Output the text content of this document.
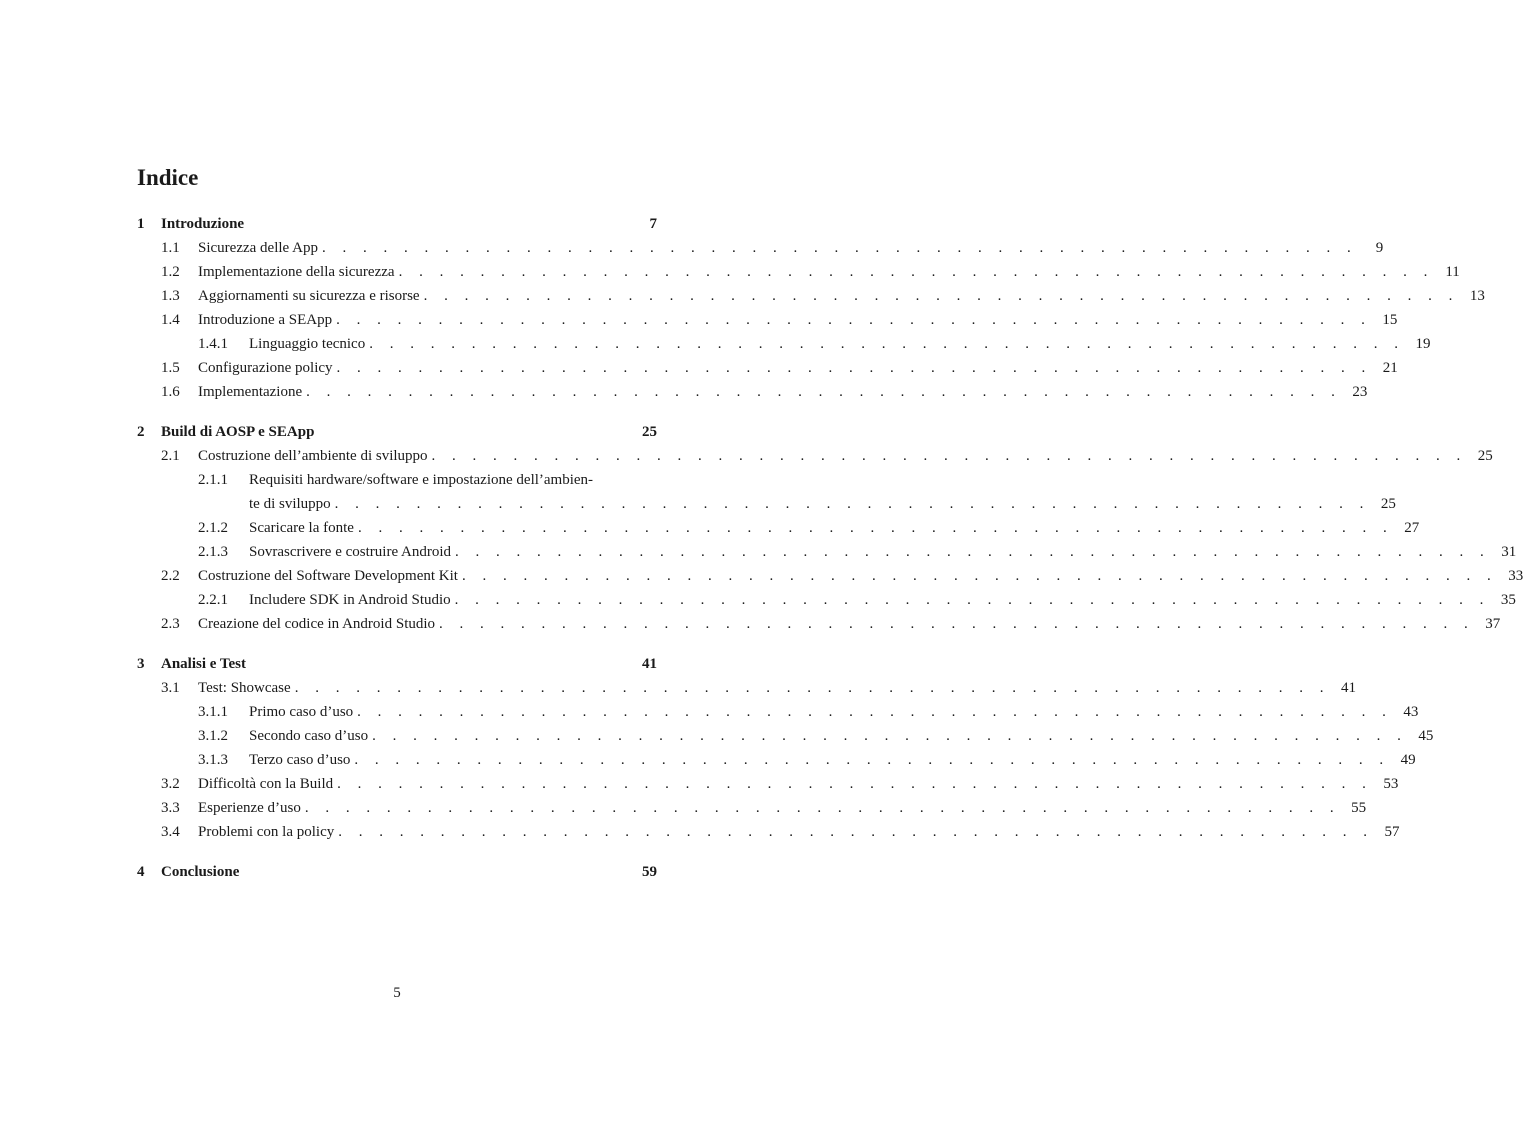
Indice
1 Introduzione	7
1.1 Sicurezza delle App . . . . . . . . . . . . . . . . . . . . . . . . . . . . . . . . . . . . . . . . . . . . . . . . . . .	9
1.2 Implementazione della sicurezza . . . . . . . . . . . . . . . . . . . . . . . . . . . . . . . . . . . . . . . . . . . . . . . . . . . 11
1.3 Aggiornamenti su sicurezza e risorse . . . . . . . . . . . . . . . . . . . . . . . . . . . . . . . . . . . . . . . . . . . . . . . . . . . 13
1.4 Introduzione a SEApp . . . . . . . . . . . . . . . . . . . . . . . . . . . . . . . . . . . . . . . . . . . . . . . . . . . 15
1.4.1 Linguaggio tecnico . . . . . . . . . . . . . . . . . . . . . . . . . . . . . . . . . . . . . . . . . . . . . . . . . . . 19
1.5 Configurazione policy . . . . . . . . . . . . . . . . . . . . . . . . . . . . . . . . . . . . . . . . . . . . . . . . . . . 21
1.6 Implementazione . . . . . . . . . . . . . . . . . . . . . . . . . . . . . . . . . . . . . . . . . . . . . . . . . . . 23
2 Build di AOSP e SEApp	25
2.1 Costruzione dell’ambiente di sviluppo . . . . . . . . . . . . . . . . . . . . . . . . . . . . . . . . . . . . . . . . . . . . . . . . . . . 25
2.1.1 Requisiti hardware/software e impostazione dell’ambien-
te di sviluppo . . . . . . . . . . . . . . . . . . . . . . . . . . . . . . . . . . . . . . . . . . . . . . . . . . . 25
2.1.2 Scaricare la fonte . . . . . . . . . . . . . . . . . . . . . . . . . . . . . . . . . . . . . . . . . . . . . . . . . . . 27
2.1.3 Sovrascrivere e costruire Android . . . . . . . . . . . . . . . . . . . . . . . . . . . . . . . . . . . . . . . . . . . . . . . . . . . 31
2.2 Costruzione del Software Development Kit . . . . . . . . . . . . . . . . . . . . . . . . . . . . . . . . . . . . . . . . . . . . . . . . . . . 33
2.2.1 Includere SDK in Android Studio . . . . . . . . . . . . . . . . . . . . . . . . . . . . . . . . . . . . . . . . . . . . . . . . . . . 35
2.3 Creazione del codice in Android Studio . . . . . . . . . . . . . . . . . . . . . . . . . . . . . . . . . . . . . . . . . . . . . . . . . . . 37
3 Analisi e Test	41
3.1 Test: Showcase . . . . . . . . . . . . . . . . . . . . . . . . . . . . . . . . . . . . . . . . . . . . . . . . . . . 41
3.1.1 Primo caso d’uso . . . . . . . . . . . . . . . . . . . . . . . . . . . . . . . . . . . . . . . . . . . . . . . . . . . 43
3.1.2 Secondo caso d’uso . . . . . . . . . . . . . . . . . . . . . . . . . . . . . . . . . . . . . . . . . . . . . . . . . . . 45
3.1.3 Terzo caso d’uso . . . . . . . . . . . . . . . . . . . . . . . . . . . . . . . . . . . . . . . . . . . . . . . . . . . 49
3.2 Difficoltà con la Build . . . . . . . . . . . . . . . . . . . . . . . . . . . . . . . . . . . . . . . . . . . . . . . . . . . 53
3.3 Esperienze d’uso . . . . . . . . . . . . . . . . . . . . . . . . . . . . . . . . . . . . . . . . . . . . . . . . . . . 55
3.4 Problemi con la policy . . . . . . . . . . . . . . . . . . . . . . . . . . . . . . . . . . . . . . . . . . . . . . . . . . . 57
4 Conclusione	59
5
